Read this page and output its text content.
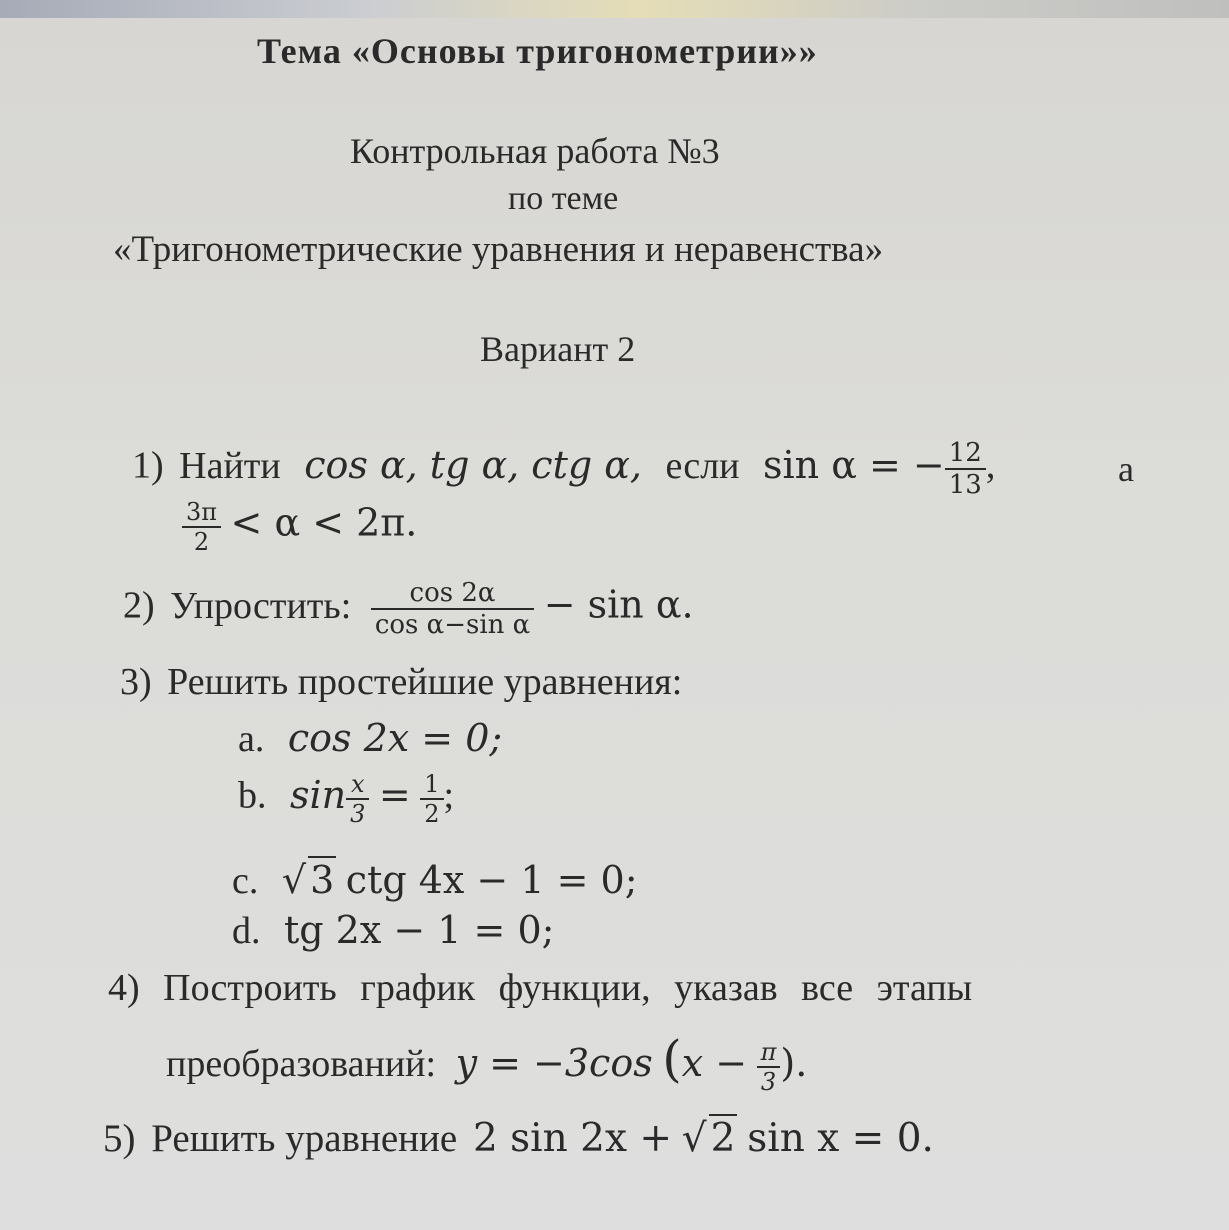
Тема «Основы тригонометрии»»
Контрольная работа №3
по теме
«Тригонометрические уравнения и неравенства»
Вариант 2
1) Найти cos α, tg α, ctg α, если sin α = − $\frac{12}{13}$ ,	а
$\frac{3\pi}{2} < \alpha < 2\pi$.
2) Упростить: $\frac{\cos 2\alpha}{\text{cos α−sin α}} - \sin \alpha$.
3) Решить простейшие уравнения:
a. cos 2x = 0;
b. $\sin \frac{x}{3} = \frac{1}{2}$ ;
c. √ 3 ctg 4x − 1 = 0;
d. tg 2x − 1 = 0;
4) Построить график функции, указав все этапы
преобразований: y = −3cos ($x - \frac{\pi}{3}$ ).
5) Решить уравнение 2 sin 2x + √ 2 sin x = 0.
